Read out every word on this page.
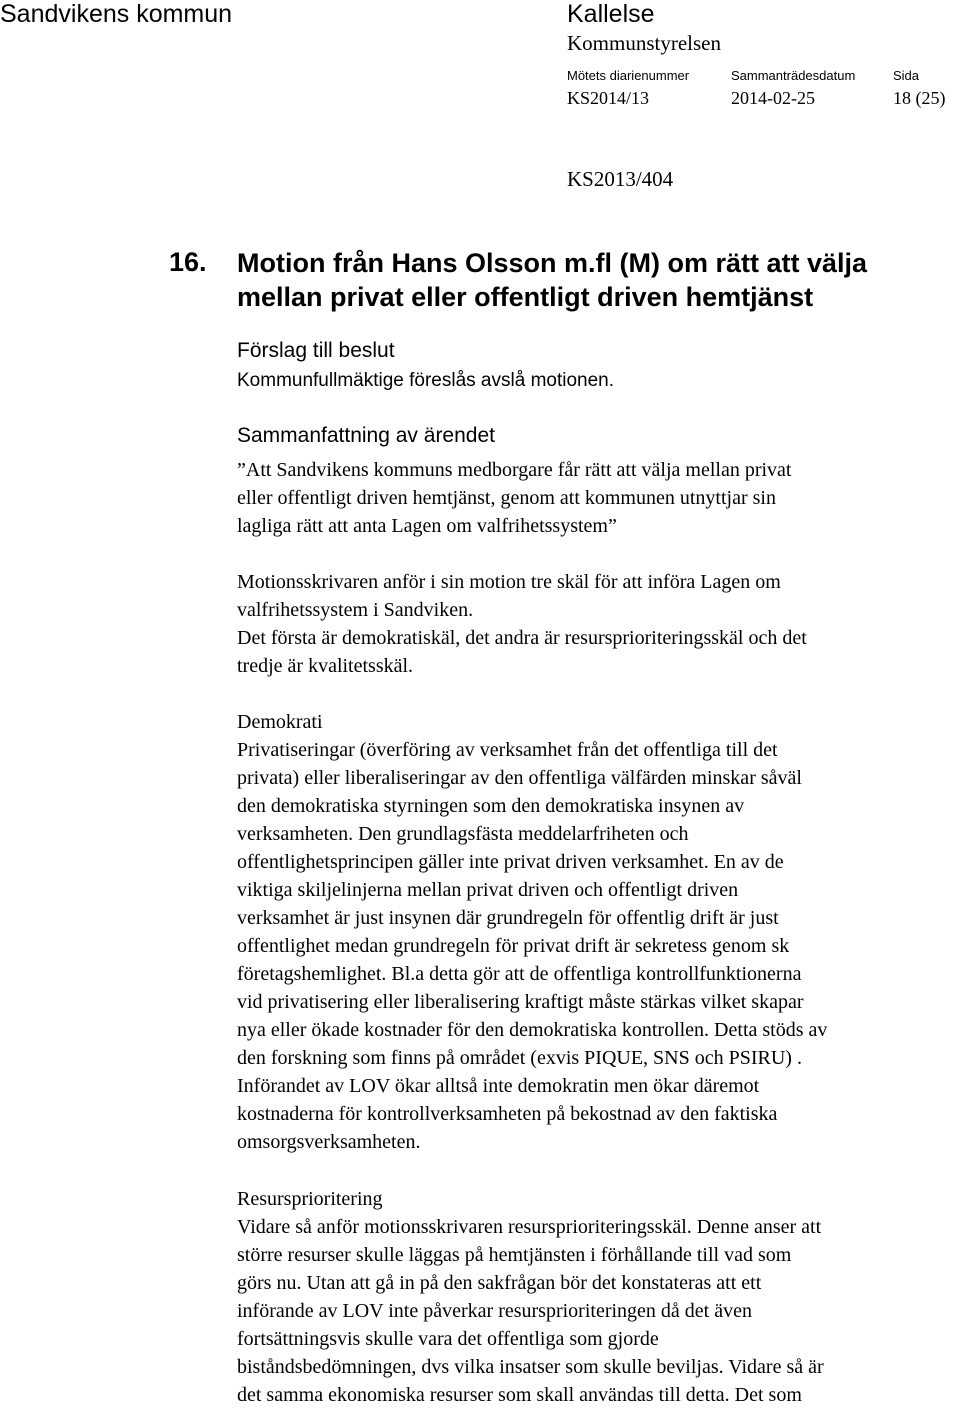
Sandvikens kommun	Kallelse
Kommunstyrelsen
Mötets diarienummer	Sammanträdesdatum	Sida
KS2014/13	2014-02-25	18 (25)
KS2013/404
16. Motion från Hans Olsson m.fl (M) om rätt att välja mellan privat eller offentligt driven hemtjänst
Förslag till beslut
Kommunfullmäktige föreslås avslå motionen.
Sammanfattning av ärendet
”Att Sandvikens kommuns medborgare får rätt att välja mellan privat
eller offentligt driven hemtjänst, genom att kommunen utnyttjar sin
lagliga rätt att anta Lagen om valfrihetssystem”
Motionsskrivaren anför i sin motion tre skäl för att införa Lagen om
valfrihetssystem i Sandviken.
Det första är demokratiskäl, det andra är resursprioriteringsskäl och det
tredje är kvalitetsskäl.
Demokrati
Privatiseringar (överföring av verksamhet från det offentliga till det
privata) eller liberaliseringar av den offentliga välfärden minskar såväl
den demokratiska styrningen som den demokratiska insynen av
verksamheten. Den grundlagsfästa meddelarfriheten och
offentlighetsprincipen gäller inte privat driven verksamhet. En av de
viktiga skiljelinjerna mellan privat driven och offentligt driven
verksamhet är just insynen där grundregeln för offentlig drift är just
offentlighet medan grundregeln för privat drift är sekretess genom sk
företagshemlighet. Bl.a detta gör att de offentliga kontrollfunktionerna
vid privatisering eller liberalisering kraftigt måste stärkas vilket skapar
nya eller ökade kostnader för den demokratiska kontrollen. Detta stöds av
den forskning som finns på området (exvis PIQUE, SNS och PSIRU) .
Införandet av LOV ökar alltså inte demokratin men ökar däremot
kostnaderna för kontrollverksamheten på bekostnad av den faktiska
omsorgsverksamheten.
Resursprioritering
Vidare så anför motionsskrivaren resursprioriteringsskäl. Denne anser att
större resurser skulle läggas på hemtjänsten i förhållande till vad som
görs nu. Utan att gå in på den sakfrågan bör det konstateras att ett
införande av LOV inte påverkar resursprioriteringen då det även
fortsättningsvis skulle vara det offentliga som gjorde
biståndsbedömningen, dvs vilka insatser som skulle beviljas. Vidare så är
det samma ekonomiska resurser som skall användas till detta. Det som
